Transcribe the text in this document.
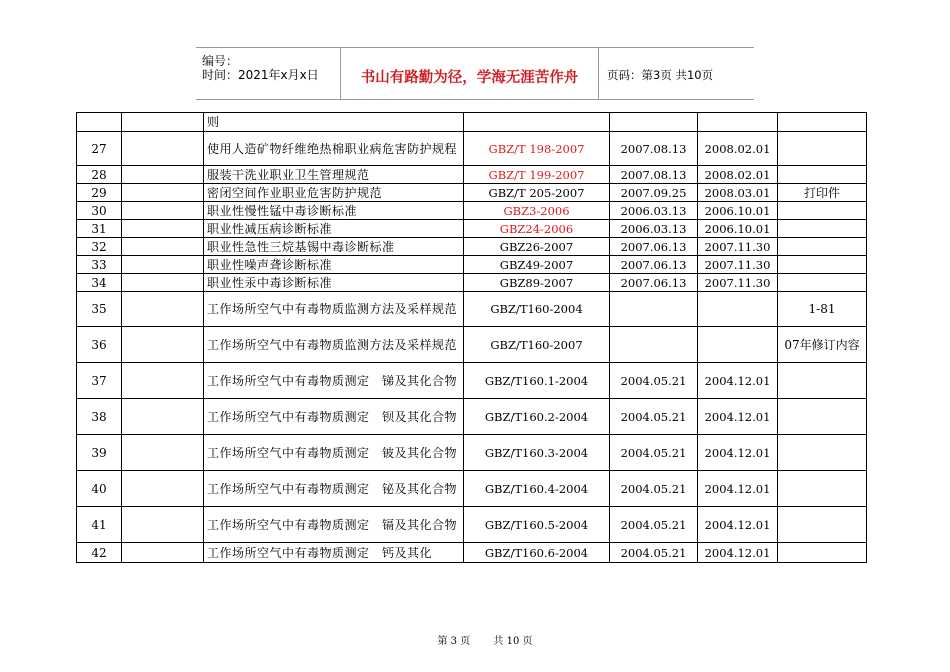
编号：
时间：2021年x月x日	书山有路勤为径，学海无涯苦作舟	页码：第3页 共10页
		则				
27		使用人造矿物纤维绝热棉职业病危害防护规程	GBZ/T 198-2007	2007.08.13	2008.02.01	
28		服装干洗业职业卫生管理规范	GBZ/T 199-2007	2007.08.13	2008.02.01	
29		密闭空间作业职业危害防护规范	GBZ/T 205-2007	2007.09.25	2008.03.01	打印件
30		职业性慢性锰中毒诊断标准	GBZ3-2006	2006.03.13	2006.10.01	
31		职业性减压病诊断标准	GBZ24-2006	2006.03.13	2006.10.01	
32		职业性急性三烷基锡中毒诊断标准	GBZ26-2007	2007.06.13	2007.11.30	
33		职业性噪声聋诊断标准	GBZ49-2007	2007.06.13	2007.11.30	
34		职业性汞中毒诊断标准	GBZ89-2007	2007.06.13	2007.11.30	
35		工作场所空气中有毒物质监测方法及采样规范	GBZ/T160-2004			1-81
36		工作场所空气中有毒物质监测方法及采样规范	GBZ/T160-2007			07年修订内容
37		工作场所空气中有毒物质测定　锑及其化合物	GBZ/T160.1-2004	2004.05.21	2004.12.01	
38		工作场所空气中有毒物质测定　钡及其化合物	GBZ/T160.2-2004	2004.05.21	2004.12.01	
39		工作场所空气中有毒物质测定　铍及其化合物	GBZ/T160.3-2004	2004.05.21	2004.12.01	
40		工作场所空气中有毒物质测定　铋及其化合物	GBZ/T160.4-2004	2004.05.21	2004.12.01	
41		工作场所空气中有毒物质测定　镉及其化合物	GBZ/T160.5-2004	2004.05.21	2004.12.01	
42		工作场所空气中有毒物质测定　钙及其化	GBZ/T160.6-2004	2004.05.21	2004.12.01	
第 3 页 共 10 页
